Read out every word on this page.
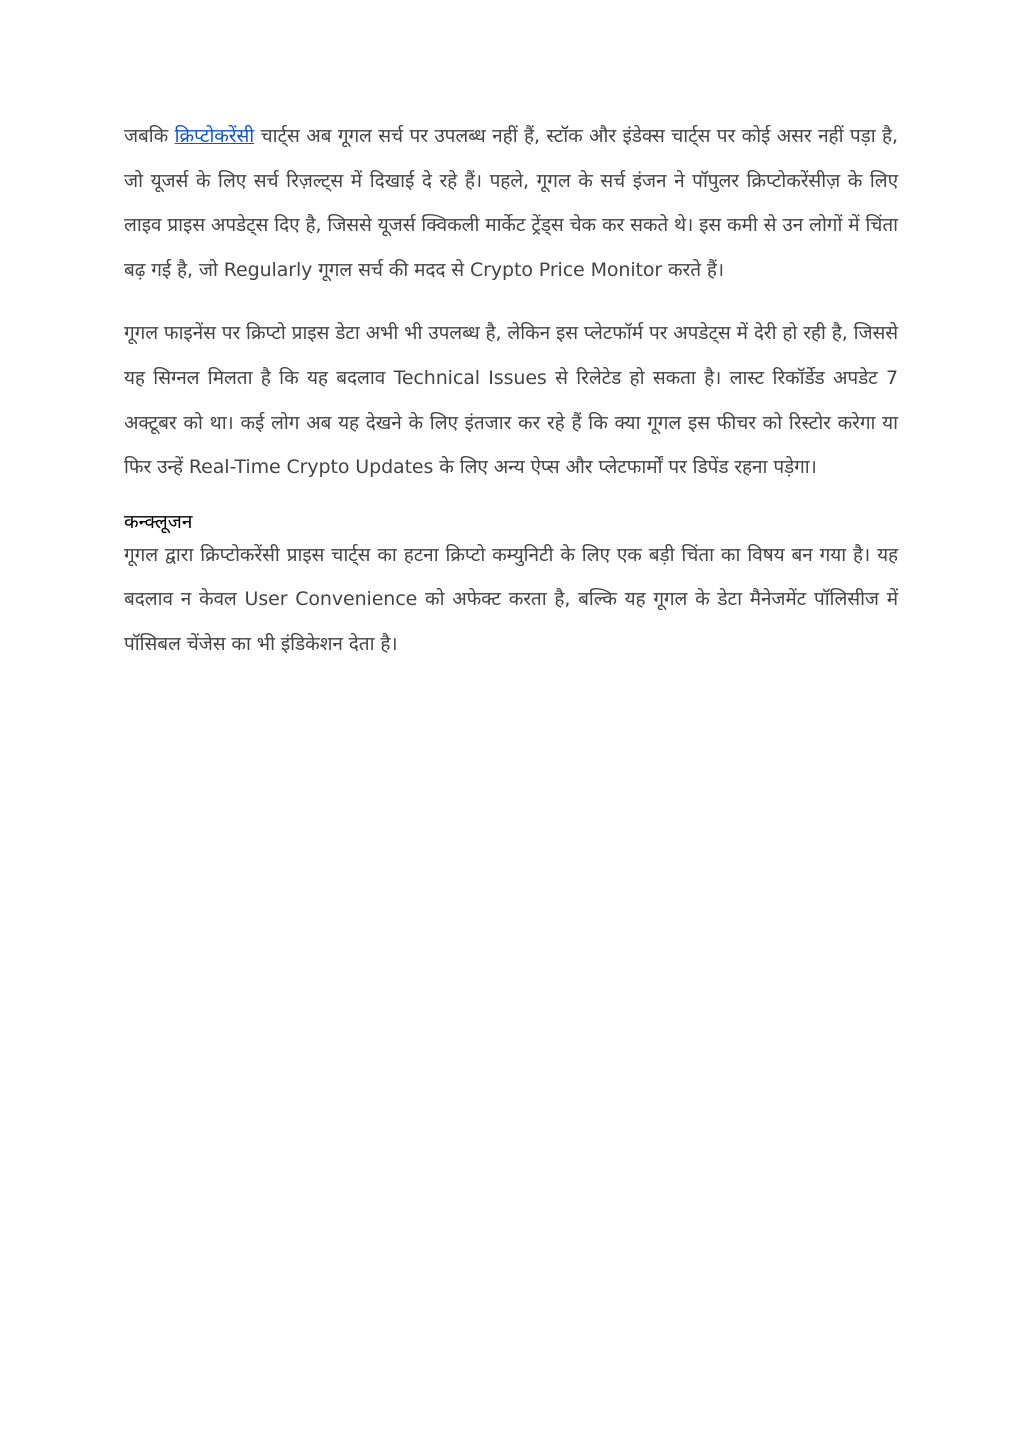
जबकि क्रिप्टोकरेंसी चार्ट्स अब गूगल सर्च पर उपलब्ध नहीं हैं, स्टॉक और इंडेक्स चार्ट्स पर कोई असर नहीं पड़ा है, जो यूजर्स के लिए सर्च रिज़ल्ट्स में दिखाई दे रहे हैं। पहले, गूगल के सर्च इंजन ने पॉपुलर क्रिप्टोकरेंसीज़ के लिए लाइव प्राइस अपडेट्स दिए है, जिससे यूजर्स क्विकली मार्केट ट्रेंड्स चेक कर सकते थे। इस कमी से उन लोगों में चिंता बढ़ गई है, जो Regularly गूगल सर्च की मदद से Crypto Price Monitor करते हैं।

गूगल फाइनेंस पर क्रिप्टो प्राइस डेटा अभी भी उपलब्ध है, लेकिन इस प्लेटफॉर्म पर अपडेट्स में देरी हो रही है, जिससे यह सिग्नल मिलता है कि यह बदलाव Technical Issues से रिलेटेड हो सकता है। लास्ट रिकॉर्डेड अपडेट 7 अक्टूबर को था। कई लोग अब यह देखने के लिए इंतजार कर रहे हैं कि क्या गूगल इस फीचर को रिस्टोर करेगा या फिर उन्हें Real-Time Crypto Updates के लिए अन्य ऐप्स और प्लेटफार्मों पर डिपेंड रहना पड़ेगा।

कन्क्लूजन

गूगल द्वारा क्रिप्टोकरेंसी प्राइस चार्ट्स का हटना क्रिप्टो कम्युनिटी के लिए एक बड़ी चिंता का विषय बन गया है। यह बदलाव न केवल User Convenience को अफेक्ट करता है, बल्कि यह गूगल के डेटा मैनेजमेंट पॉलिसीज में पॉसिबल चेंजेस का भी इंडिकेशन देता है।
